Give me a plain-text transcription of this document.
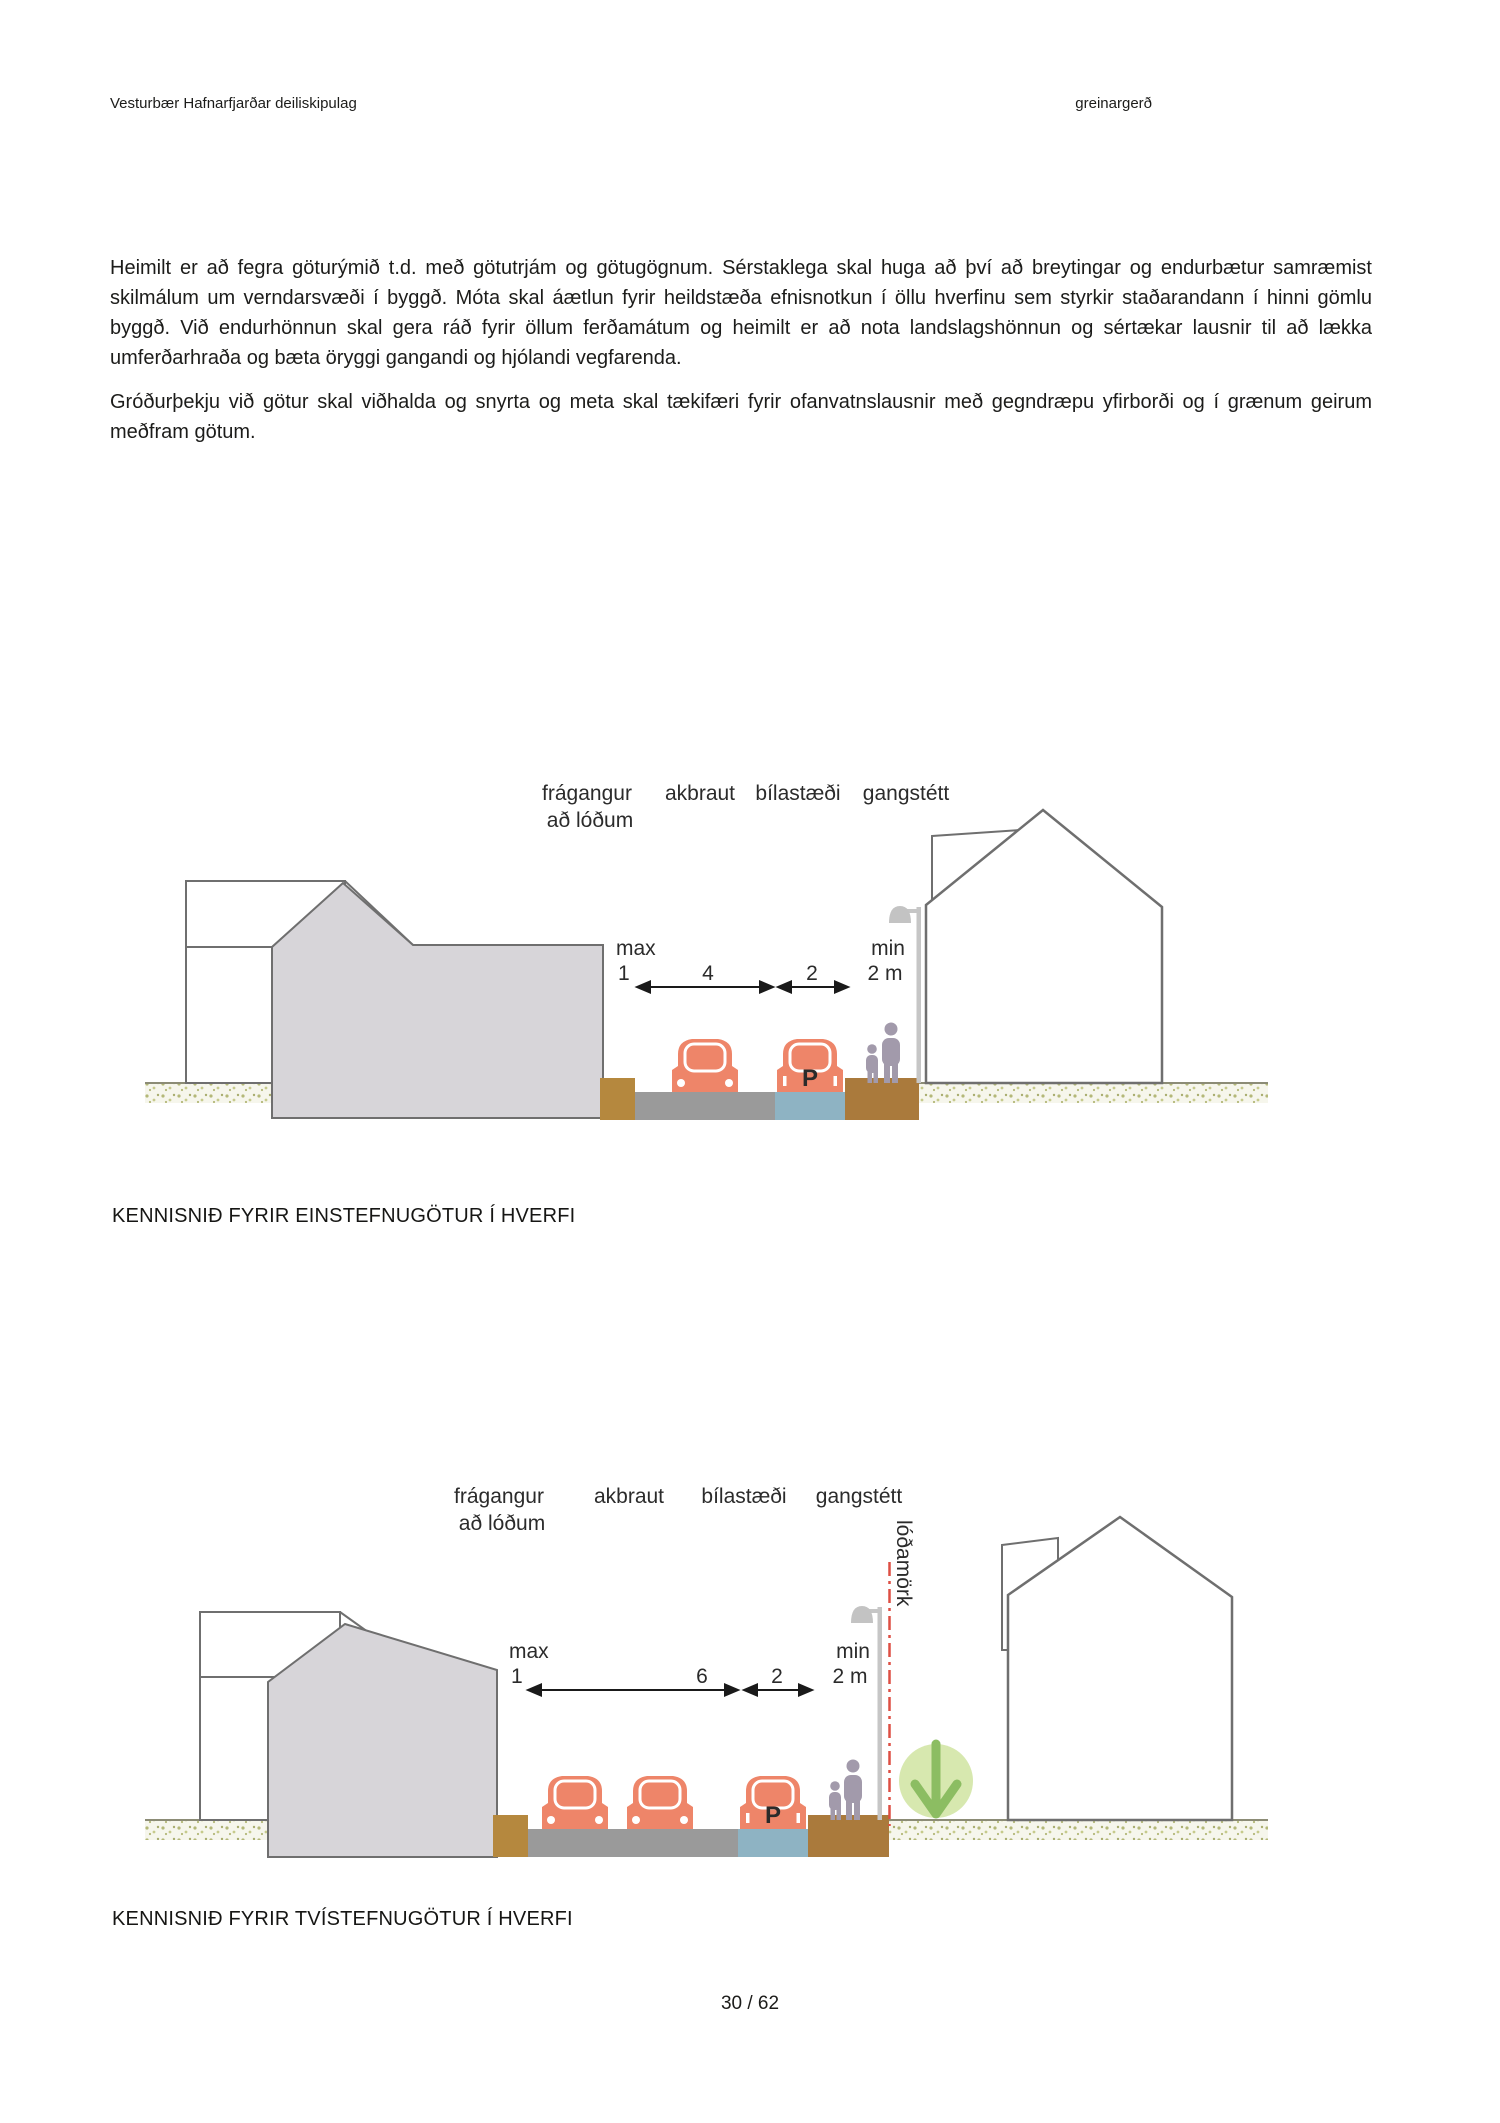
Vesturbær Hafnarfjarðar deiliskipulag	greinargerð

Heimilt er að fegra göturýmið t.d. með götutrjám og götugögnum. Sérstaklega skal huga að því að breytingar og endurbætur samræmist skilmálum um verndarsvæði í byggð. Móta skal áætlun fyrir heildstæða efnisnotkun í öllu hverfinu sem styrkir staðarandann í hinni gömlu byggð. Við endurhönnun skal gera ráð fyrir öllum ferðamátum og heimilt er að nota landslagshönnun og sértækar lausnir til að lækka umferðarhraða og bæta öryggi gangandi og hjólandi vegfarenda.

Gróðurþekju við götur skal viðhalda og snyrta og meta skal tækifæri fyrir ofanvatnslausnir með gegndræpu yfirborði og í grænum geirum meðfram götum.

P
frágangur
að lóðum
akbraut bílastæði gangstétt
max
1	4	2
min
2 m
KENNISNIÐ FYRIR EINSTEFNUGÖTUR Í HVERFI
P
lóðamörk
frágangur
að lóðum
akbraut bílastæði gangstétt
max
1	6	2
min
2 m
KENNISNIÐ FYRIR TVÍSTEFNUGÖTUR Í HVERFI
30 / 62
